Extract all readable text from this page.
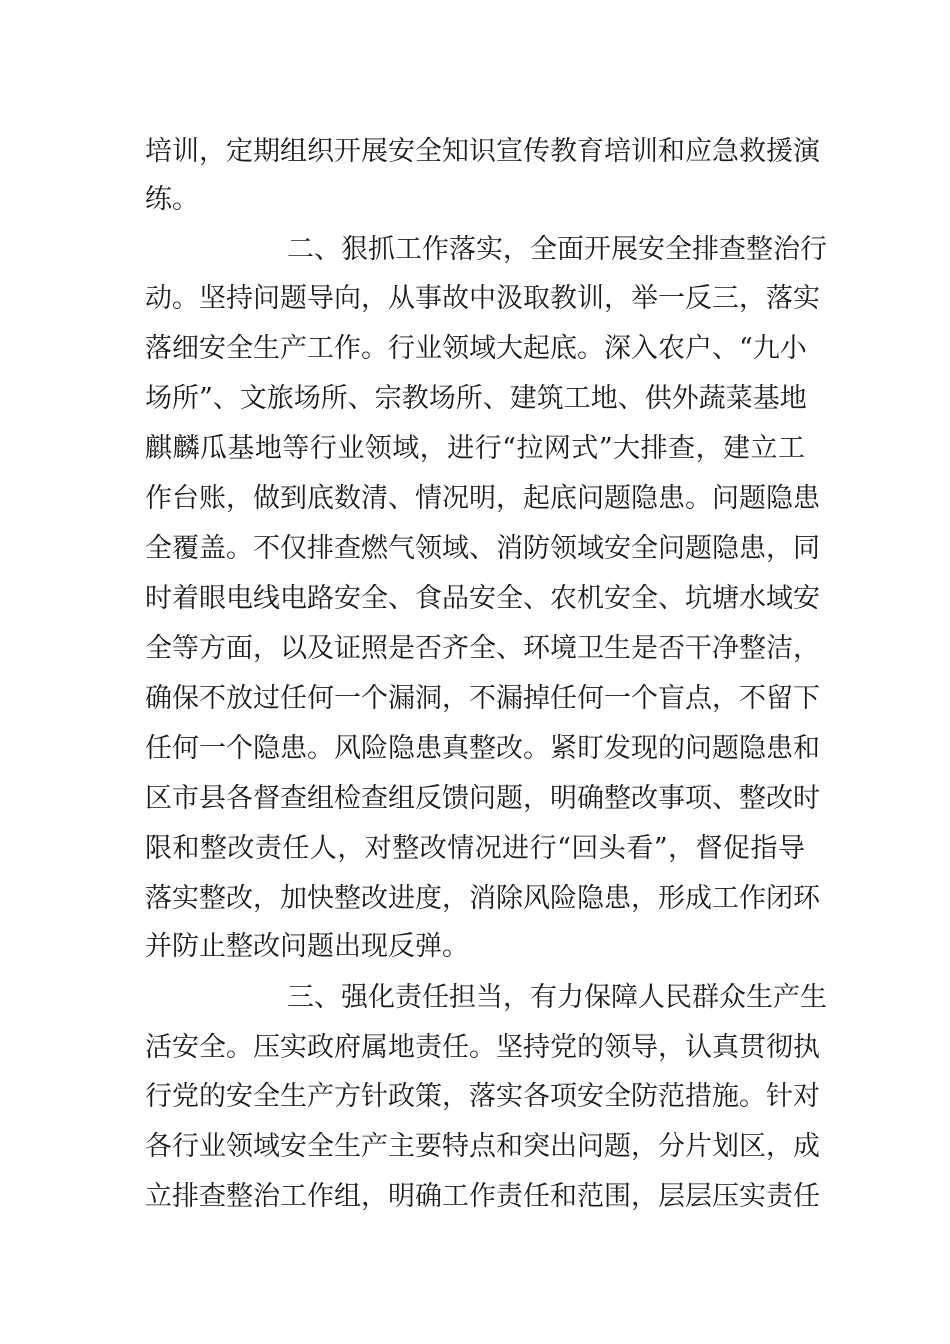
培训，定期组织开展安全知识宣传教育培训和应急救援演
练。
二、狠抓工作落实，全面开展安全排查整治行
动。坚持问题导向，从事故中汲取教训，举一反三，落实
落细安全生产工作。行业领域大起底。深入农户、“九小
场所”、文旅场所、宗教场所、建筑工地、供外蔬菜基地
麒麟瓜基地等行业领域，进行“拉网式”大排查，建立工
作台账，做到底数清、情况明，起底问题隐患。问题隐患
全覆盖。不仅排查燃气领域、消防领域安全问题隐患，同
时着眼电线电路安全、食品安全、农机安全、坑塘水域安
全等方面，以及证照是否齐全、环境卫生是否干净整洁，
确保不放过任何一个漏洞，不漏掉任何一个盲点，不留下
任何一个隐患。风险隐患真整改。紧盯发现的问题隐患和
区市县各督查组检查组反馈问题，明确整改事项、整改时
限和整改责任人，对整改情况进行“回头看”，督促指导
落实整改，加快整改进度，消除风险隐患，形成工作闭环
并防止整改问题出现反弹。
三、强化责任担当，有力保障人民群众生产生
活安全。压实政府属地责任。坚持党的领导，认真贯彻执
行党的安全生产方针政策，落实各项安全防范措施。针对
各行业领域安全生产主要特点和突出问题，分片划区，成
立排查整治工作组，明确工作责任和范围，层层压实责任
